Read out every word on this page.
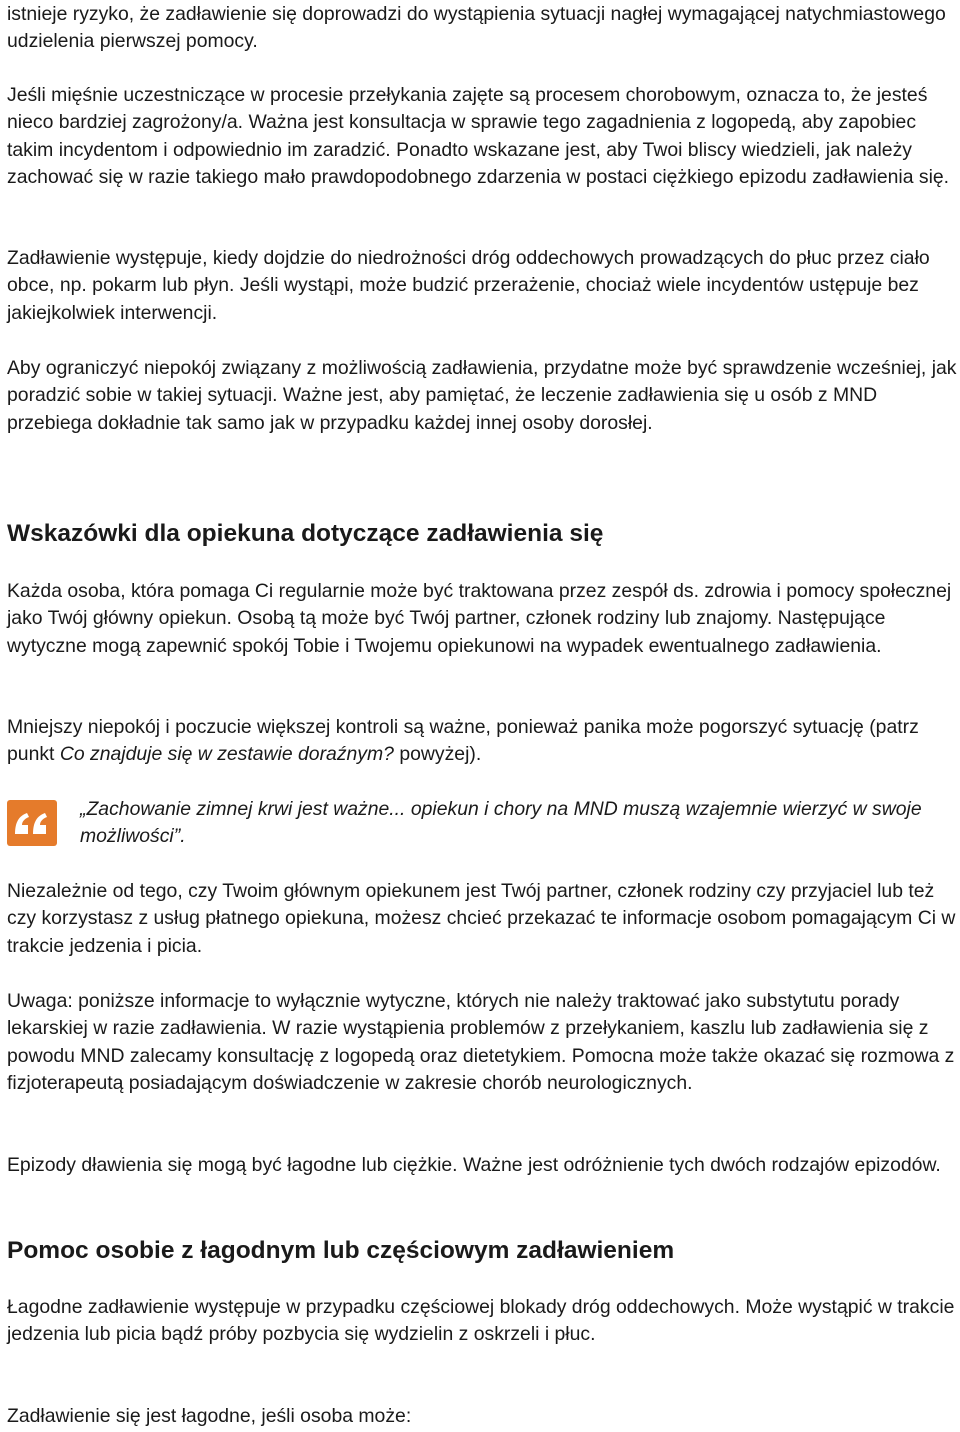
istnieje ryzyko, że zadławienie się doprowadzi do wystąpienia sytuacji nagłej wymagającej natychmiastowego udzielenia pierwszej pomocy.

Jeśli mięśnie uczestniczące w procesie przełykania zajęte są procesem chorobowym, oznacza to, że jesteś nieco bardziej zagrożony/a. Ważna jest konsultacja w sprawie tego zagadnienia z logopedą, aby zapobiec takim incydentom i odpowiednio im zaradzić. Ponadto wskazane jest, aby Twoi bliscy wiedzieli, jak należy zachować się w razie takiego mało prawdopodobnego zdarzenia w postaci ciężkiego epizodu zadławienia się.

Zadławienie występuje, kiedy dojdzie do niedrożności dróg oddechowych prowadzących do płuc przez ciało obce, np. pokarm lub płyn. Jeśli wystąpi, może budzić przerażenie, chociaż wiele incydentów ustępuje bez jakiejkolwiek interwencji.

Aby ograniczyć niepokój związany z możliwością zadławienia, przydatne może być sprawdzenie wcześniej, jak poradzić sobie w takiej sytuacji. Ważne jest, aby pamiętać, że leczenie zadławienia się u osób z MND przebiega dokładnie tak samo jak w przypadku każdej innej osoby dorosłej.

Wskazówki dla opiekuna dotyczące zadławienia się

Każda osoba, która pomaga Ci regularnie może być traktowana przez zespół ds. zdrowia i pomocy społecznej jako Twój główny opiekun. Osobą tą może być Twój partner, członek rodziny lub znajomy. Następujące wytyczne mogą zapewnić spokój Tobie i Twojemu opiekunowi na wypadek ewentualnego zadławienia.

Mniejszy niepokój i poczucie większej kontroli są ważne, ponieważ panika może pogorszyć sytuację (patrz punkt Co znajduje się w zestawie doraźnym? powyżej).

„Zachowanie zimnej krwi jest ważne... opiekun i chory na MND muszą wzajemnie wierzyć w swoje możliwości”.

Niezależnie od tego, czy Twoim głównym opiekunem jest Twój partner, członek rodziny czy przyjaciel lub też czy korzystasz z usług płatnego opiekuna, możesz chcieć przekazać te informacje osobom pomagającym Ci w trakcie jedzenia i picia.

Uwaga: poniższe informacje to wyłącznie wytyczne, których nie należy traktować jako substytutu porady lekarskiej w razie zadławienia. W razie wystąpienia problemów z przełykaniem, kaszlu lub zadławienia się z powodu MND zalecamy konsultację z logopedą oraz dietetykiem. Pomocna może także okazać się rozmowa z fizjoterapeutą posiadającym doświadczenie w zakresie chorób neurologicznych.

Epizody dławienia się mogą być łagodne lub ciężkie. Ważne jest odróżnienie tych dwóch rodzajów epizodów.

Pomoc osobie z łagodnym lub częściowym zadławieniem

Łagodne zadławienie występuje w przypadku częściowej blokady dróg oddechowych. Może wystąpić w trakcie jedzenia lub picia bądź próby pozbycia się wydzielin z oskrzeli i płuc.

Zadławienie się jest łagodne, jeśli osoba może:
